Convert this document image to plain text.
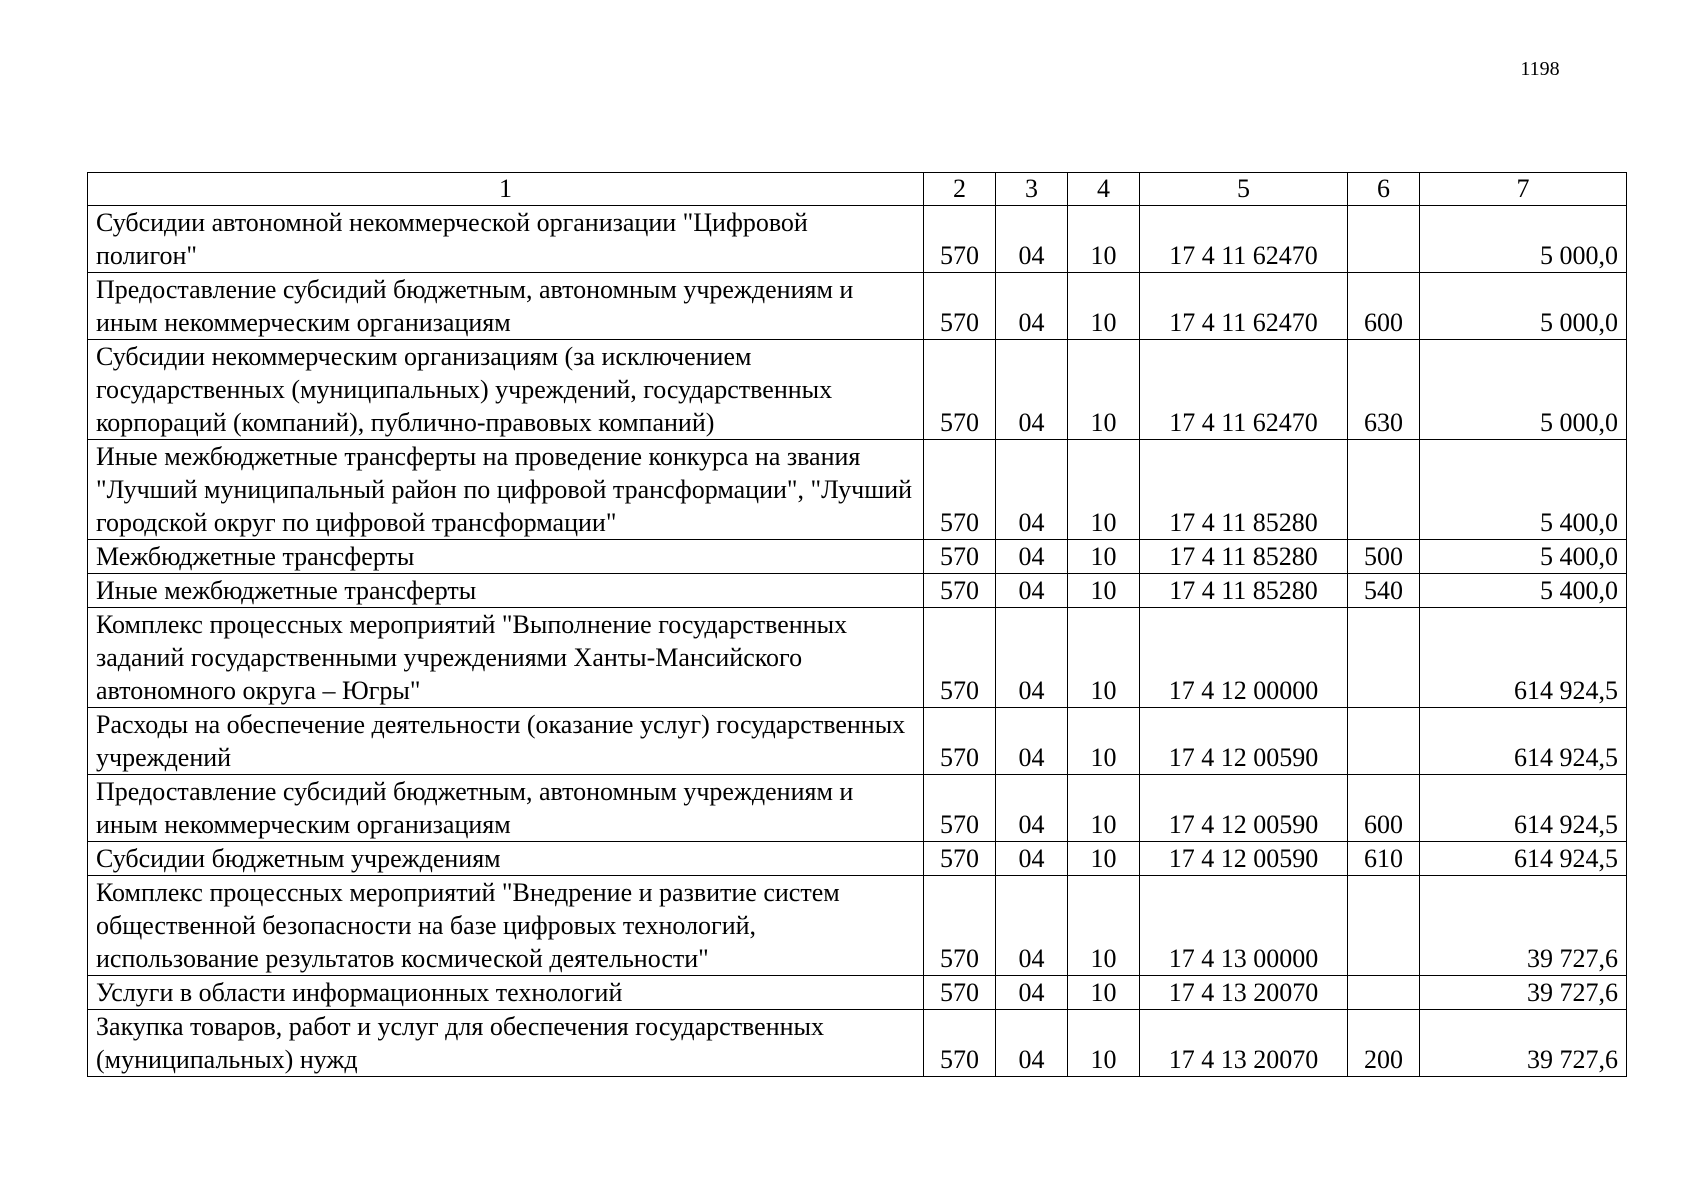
1198
1	2	3	4	5	6	7
Субсидии автономной некоммерческой организации "Цифровой полигон"	570	04	10	17 4 11 62470		5 000,0
Предоставление субсидий бюджетным, автономным учреждениям и иным некоммерческим организациям	570	04	10	17 4 11 62470	600	5 000,0
Субсидии некоммерческим организациям (за исключением государственных (муниципальных) учреждений, государственных корпораций (компаний), публично-правовых компаний)	570	04	10	17 4 11 62470	630	5 000,0
Иные межбюджетные трансферты на проведение конкурса на звания "Лучший муниципальный район по цифровой трансформации", "Лучший городской округ по цифровой трансформации"	570	04	10	17 4 11 85280		5 400,0
Межбюджетные трансферты	570	04	10	17 4 11 85280	500	5 400,0
Иные межбюджетные трансферты	570	04	10	17 4 11 85280	540	5 400,0
Комплекс процессных мероприятий "Выполнение государственных заданий государственными учреждениями Ханты-Мансийского автономного округа – Югры"	570	04	10	17 4 12 00000		614 924,5
Расходы на обеспечение деятельности (оказание услуг) государственных учреждений	570	04	10	17 4 12 00590		614 924,5
Предоставление субсидий бюджетным, автономным учреждениям и иным некоммерческим организациям	570	04	10	17 4 12 00590	600	614 924,5
Субсидии бюджетным учреждениям	570	04	10	17 4 12 00590	610	614 924,5
Комплекс процессных мероприятий "Внедрение и развитие систем общественной безопасности на базе цифровых технологий, использование результатов космической деятельности"	570	04	10	17 4 13 00000		39 727,6
Услуги в области информационных технологий	570	04	10	17 4 13 20070		39 727,6
Закупка товаров, работ и услуг для обеспечения государственных (муниципальных) нужд	570	04	10	17 4 13 20070	200	39 727,6
